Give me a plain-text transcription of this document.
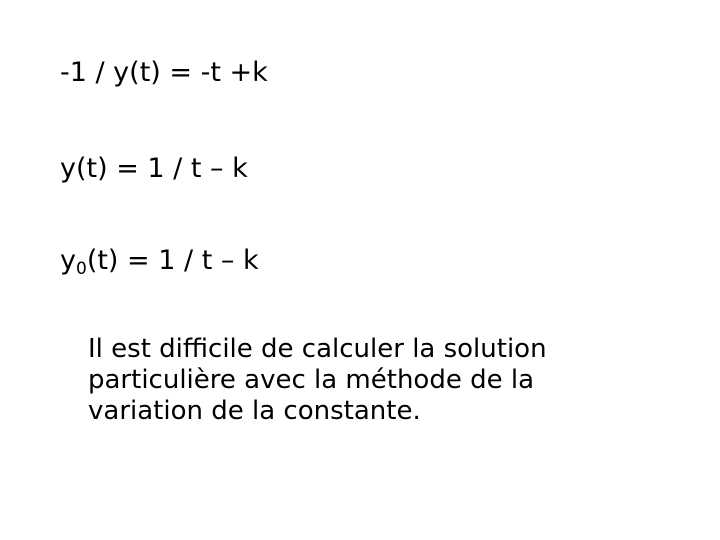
-1 / y(t) = -t +k
y(t) = 1 / t – k
$y_0(t) = 1 / t - k$
Il est difficile de calculer la solution
particulière avec la méthode de la
variation de la constante.
